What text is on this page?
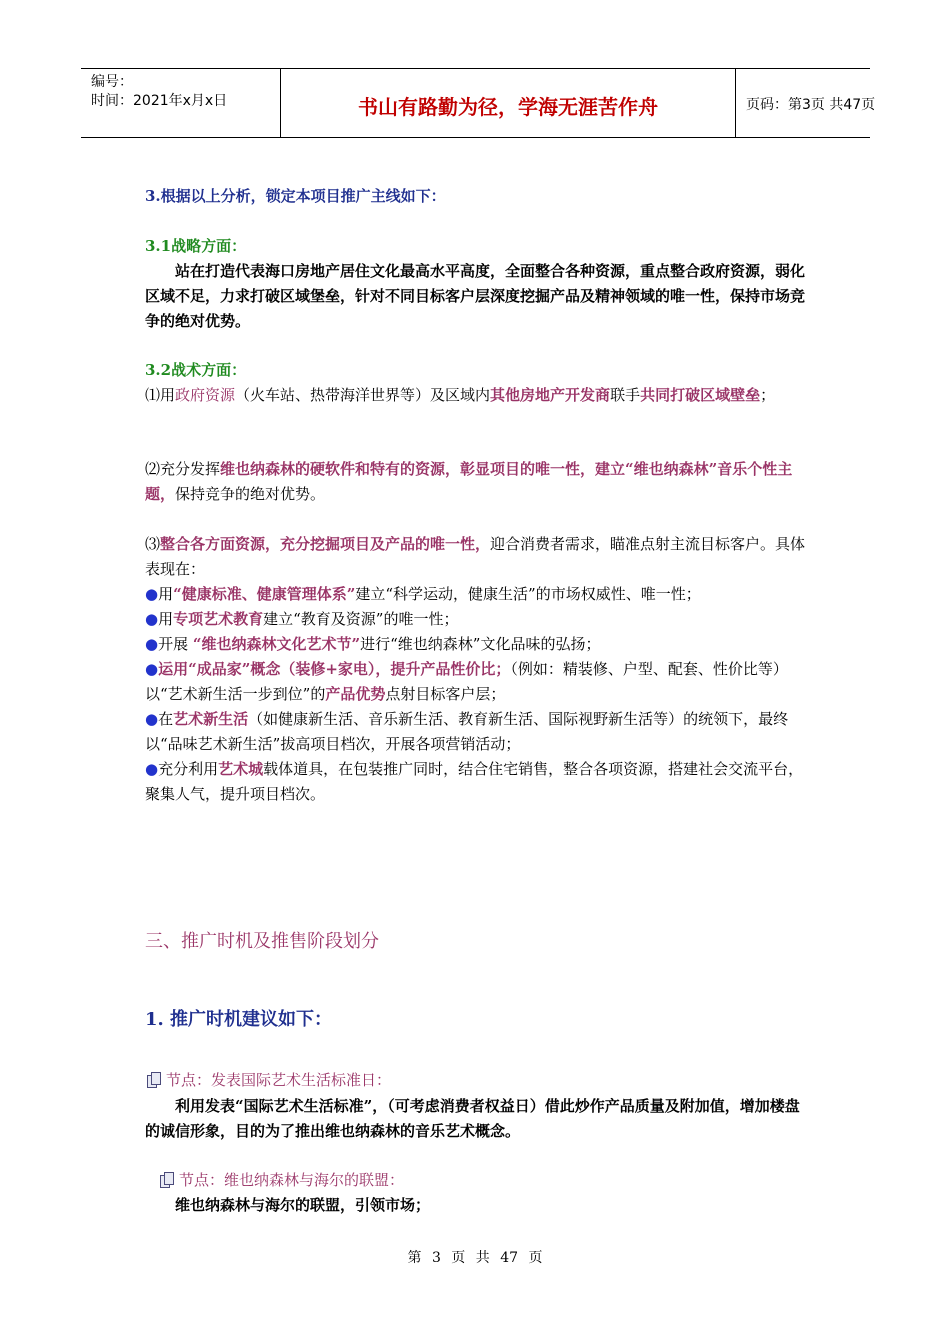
编号：
时间：2021年x月x日	书山有路勤为径，学海无涯苦作舟	页码：第3页 共47页
3.根据以上分析，锁定本项目推广主线如下：
3.1战略方面：
站在打造代表海口房地产居住文化最高水平高度，全面整合各种资源，重点整合政府资源，弱化区域不足，力求打破区域堡垒，针对不同目标客户层深度挖掘产品及精神领域的唯一性，保持市场竞争的绝对优势。
3.2战术方面：
⑴用政府资源（火车站、热带海洋世界等）及区域内其他房地产开发商联手共同打破区域壁垒；
⑵充分发挥维也纳森林的硬软件和特有的资源，彰显项目的唯一性，建立“维也纳森林”音乐个性主题，保持竞争的绝对优势。
⑶整合各方面资源，充分挖掘项目及产品的唯一性，迎合消费者需求，瞄准点射主流目标客户。具体表现在：
●用“健康标准、健康管理体系”建立“科学运动，健康生活”的市场权威性、唯一性；
●用专项艺术教育建立“教育及资源”的唯一性；
●开展 “维也纳森林文化艺术节”进行“维也纳森林”文化品味的弘扬；
●运用“成品家”概念（装修+家电），提升产品性价比；（例如：精装修、户型、配套、性价比等）以“艺术新生活一步到位”的产品优势点射目标客户层；
●在艺术新生活（如健康新生活、音乐新生活、教育新生活、国际视野新生活等）的统领下，最终以“品味艺术新生活”拔高项目档次，开展各项营销活动；
●充分利用艺术城载体道具，在包装推广同时，结合住宅销售，整合各项资源，搭建社会交流平台，聚集人气，提升项目档次。
三、推广时机及推售阶段划分
1. 推广时机建议如下：
节点：发表国际艺术生活标准日：
利用发表“国际艺术生活标准”，（可考虑消费者权益日）借此炒作产品质量及附加值，增加楼盘的诚信形象，目的为了推出维也纳森林的音乐艺术概念。
节点：维也纳森林与海尔的联盟：
维也纳森林与海尔的联盟，引领市场；
第 3 页 共 47 页
